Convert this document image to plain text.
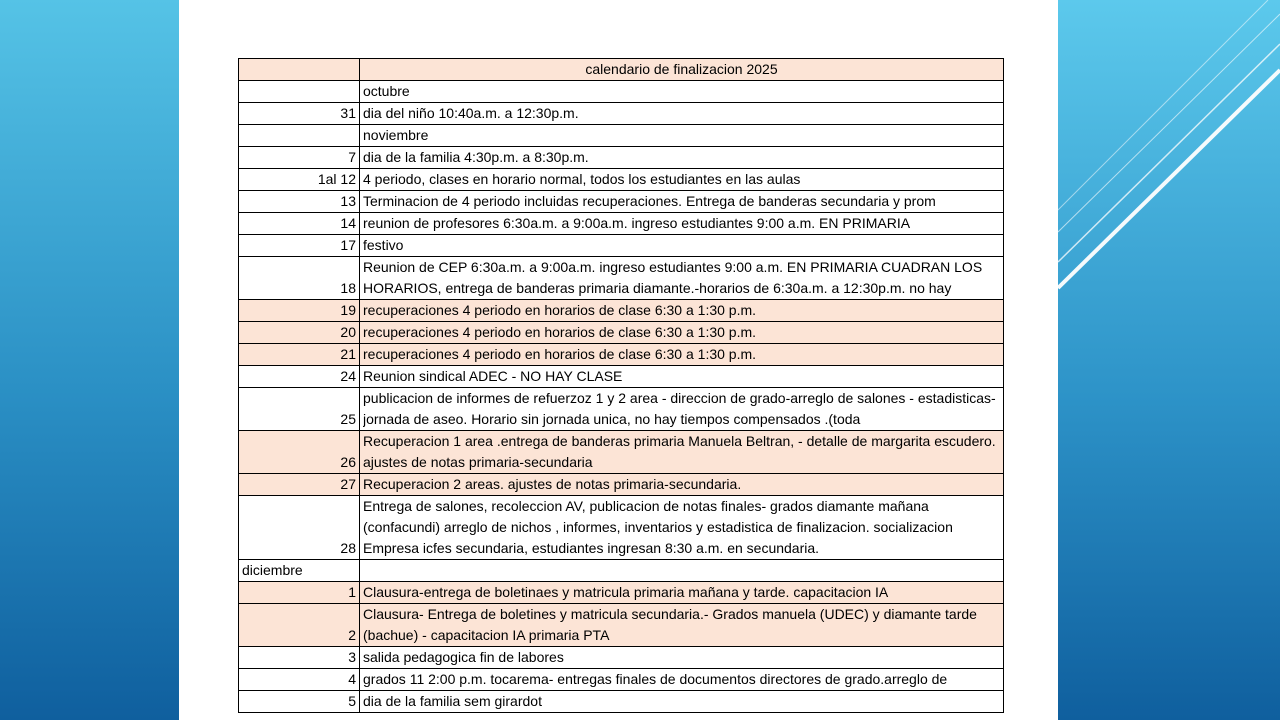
	calendario de finalizacion 2025
	octubre
31	dia del niño 10:40a.m. a 12:30p.m.
	noviembre
7	dia de la familia 4:30p.m. a 8:30p.m.
1al 12	4 periodo, clases en horario normal, todos los estudiantes en las aulas
13	Terminacion de 4 periodo incluidas recuperaciones. Entrega de banderas secundaria y prom
14	reunion de profesores 6:30a.m. a 9:00a.m. ingreso estudiantes 9:00 a.m. EN PRIMARIA
17	festivo
18	Reunion de CEP 6:30a.m. a 9:00a.m. ingreso estudiantes 9:00 a.m. EN PRIMARIA CUADRAN LOS HORARIOS, entrega de banderas primaria diamante.-horarios de 6:30a.m. a 12:30p.m. no hay

19	recuperaciones 4 periodo en horarios de clase 6:30 a 1:30 p.m.
20	recuperaciones 4 periodo en horarios de clase 6:30 a 1:30 p.m.
21	recuperaciones 4 periodo en horarios de clase 6:30 a 1:30 p.m.
24	Reunion sindical ADEC - NO HAY CLASE
25	publicacion de informes de refuerzoz 1 y 2 area - direccion de grado-arreglo de salones - estadisticas-jornada de aseo. Horario sin jornada unica, no hay tiempos compensados .(toda

26	Recuperacion 1 area .entrega de banderas primaria Manuela Beltran, - detalle de margarita escudero. ajustes de notas primaria-secundaria

27	Recuperacion 2 areas. ajustes de notas primaria-secundaria.
28	Entrega de salones, recoleccion AV, publicacion de notas finales- grados diamante mañana (confacundi) arreglo de nichos , informes, inventarios y estadistica de finalizacion. socializacion Empresa icfes secundaria, estudiantes ingresan 8:30 a.m. en secundaria.

diciembre	
1	Clausura-entrega de boletinaes y matricula primaria mañana y tarde. capacitacion IA
2	Clausura- Entrega de boletines y matricula secundaria.- Grados manuela (UDEC) y diamante tarde (bachue) - capacitacion IA primaria PTA

3	salida pedagogica fin de labores
4	grados 11 2:00 p.m. tocarema- entregas finales de documentos directores de grado.arreglo de
5	dia de la familia sem girardot
